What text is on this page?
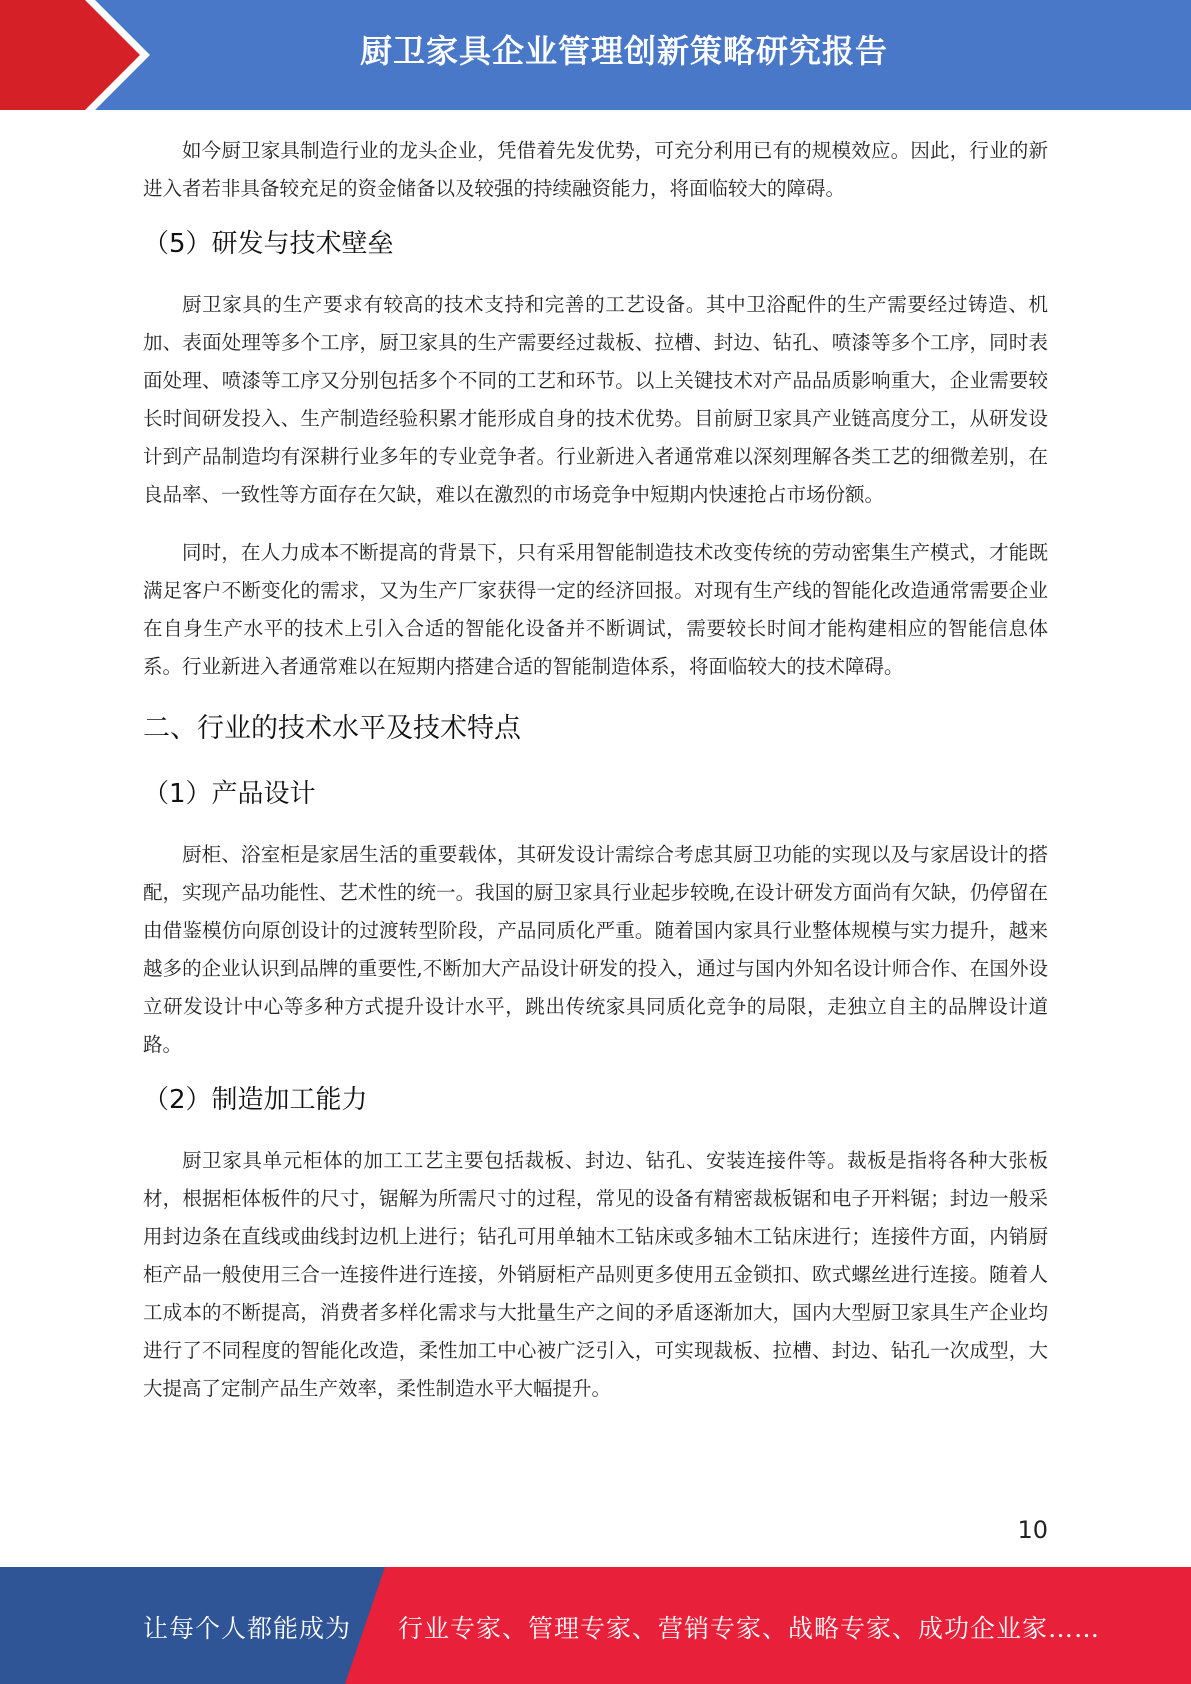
厨卫家具企业管理创新策略研究报告

如今厨卫家具制造行业的龙头企业，凭借着先发优势，可充分利用已有的规模效应。因此，行业的新进入者若非具备较充足的资金储备以及较强的持续融资能力，将面临较大的障碍。

（5）研发与技术壁垒

厨卫家具的生产要求有较高的技术支持和完善的工艺设备。其中卫浴配件的生产需要经过铸造、机加、表面处理等多个工序，厨卫家具的生产需要经过裁板、拉槽、封边、钻孔、喷漆等多个工序，同时表面处理、喷漆等工序又分别包括多个不同的工艺和环节。以上关键技术对产品品质影响重大，企业需要较长时间研发投入、生产制造经验积累才能形成自身的技术优势。目前厨卫家具产业链高度分工，从研发设计到产品制造均有深耕行业多年的专业竞争者。行业新进入者通常难以深刻理解各类工艺的细微差别，在良品率、一致性等方面存在欠缺，难以在激烈的市场竞争中短期内快速抢占市场份额。

同时，在人力成本不断提高的背景下，只有采用智能制造技术改变传统的劳动密集生产模式，才能既满足客户不断变化的需求，又为生产厂家获得一定的经济回报。对现有生产线的智能化改造通常需要企业在自身生产水平的技术上引入合适的智能化设备并不断调试，需要较长时间才能构建相应的智能信息体系。行业新进入者通常难以在短期内搭建合适的智能制造体系，将面临较大的技术障碍。

二、行业的技术水平及技术特点
（1）产品设计

厨柜、浴室柜是家居生活的重要载体，其研发设计需综合考虑其厨卫功能的实现以及与家居设计的搭配，实现产品功能性、艺术性的统一。我国的厨卫家具行业起步较晚,在设计研发方面尚有欠缺，仍停留在由借鉴模仿向原创设计的过渡转型阶段，产品同质化严重。随着国内家具行业整体规模与实力提升，越来越多的企业认识到品牌的重要性,不断加大产品设计研发的投入，通过与国内外知名设计师合作、在国外设立研发设计中心等多种方式提升设计水平，跳出传统家具同质化竞争的局限，走独立自主的品牌设计道路。

（2）制造加工能力

厨卫家具单元柜体的加工工艺主要包括裁板、封边、钻孔、安装连接件等。裁板是指将各种大张板材，根据柜体板件的尺寸，锯解为所需尺寸的过程，常见的设备有精密裁板锯和电子开料锯；封边一般采用封边条在直线或曲线封边机上进行；钻孔可用单轴木工钻床或多轴木工钻床进行；连接件方面，内销厨柜产品一般使用三合一连接件进行连接，外销厨柜产品则更多使用五金锁扣、欧式螺丝进行连接。随着人工成本的不断提高，消费者多样化需求与大批量生产之间的矛盾逐渐加大，国内大型厨卫家具生产企业均进行了不同程度的智能化改造，柔性加工中心被广泛引入，可实现裁板、拉槽、封边、钻孔一次成型，大大提高了定制产品生产效率，柔性制造水平大幅提升。

10
让每个人都能成为 行业专家、管理专家、营销专家、战略专家、成功企业家……
